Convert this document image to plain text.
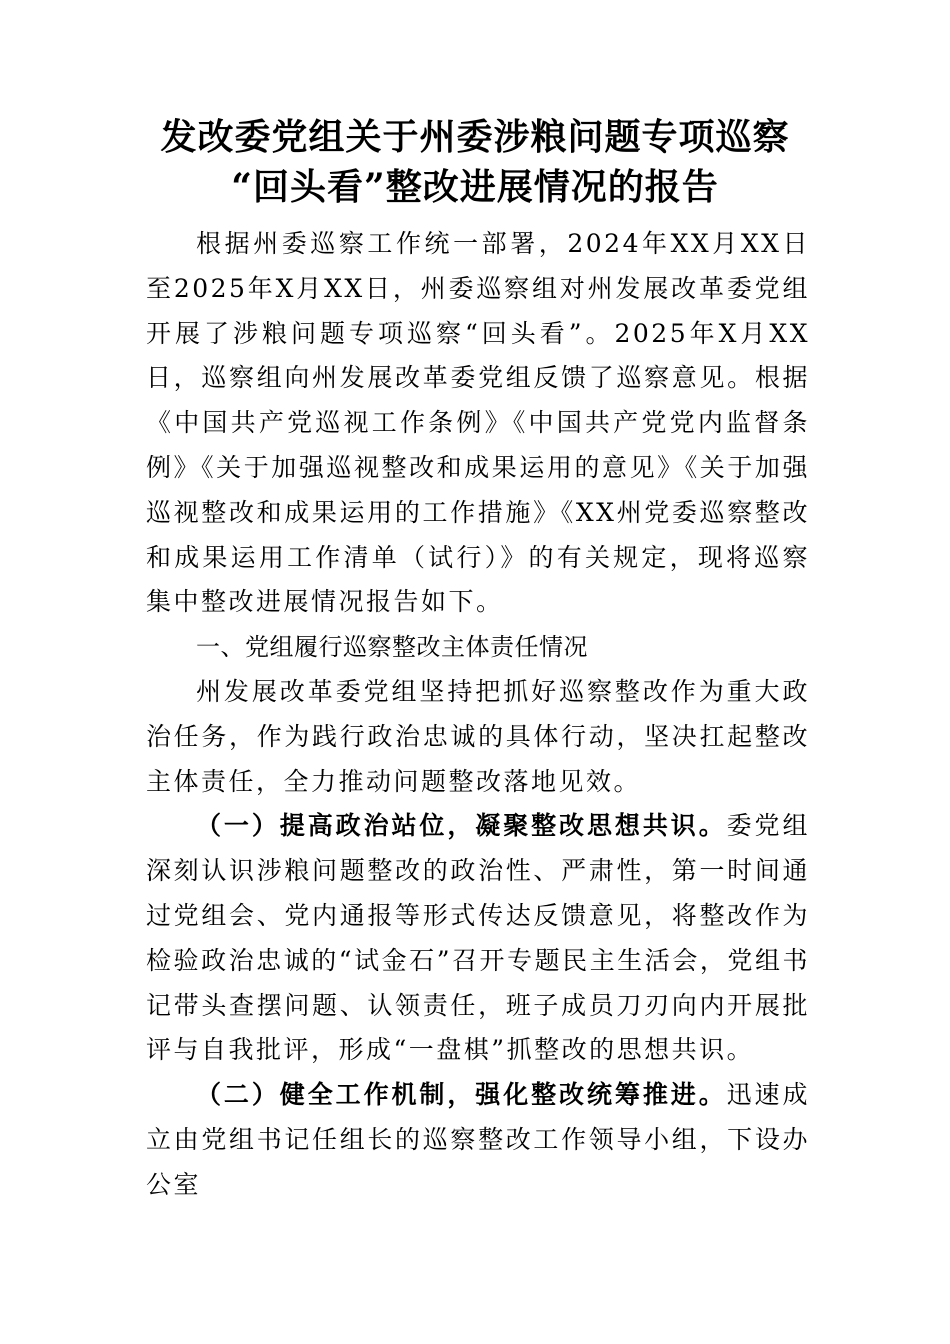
发改委党组关于州委涉粮问题专项巡察
“回头看”整改进展情况的报告

根据州委巡察工作统一部署，2024年XX月XX日至2025年X月XX日，州委巡察组对州发展改革委党组开展了涉粮问题专项巡察“回头看”。2025年X月XX日，巡察组向州发展改革委党组反馈了巡察意见。根据《中国共产党巡视工作条例》《中国共产党党内监督条例》《关于加强巡视整改和成果运用的意见》《关于加强巡视整改和成果运用的工作措施》《XX州党委巡察整改和成果运用工作清单（试行）》的有关规定，现将巡察集中整改进展情况报告如下。

一、党组履行巡察整改主体责任情况

州发展改革委党组坚持把抓好巡察整改作为重大政治任务，作为践行政治忠诚的具体行动，坚决扛起整改主体责任，全力推动问题整改落地见效。

（一）提高政治站位，凝聚整改思想共识。委党组深刻认识涉粮问题整改的政治性、严肃性，第一时间通过党组会、党内通报等形式传达反馈意见，将整改作为检验政治忠诚的“试金石”召开专题民主生活会，党组书记带头查摆问题、认领责任，班子成员刀刃向内开展批评与自我批评，形成“一盘棋”抓整改的思想共识。

（二）健全工作机制，强化整改统筹推进。迅速成立由党组书记任组长的巡察整改工作领导小组，下设办公室
